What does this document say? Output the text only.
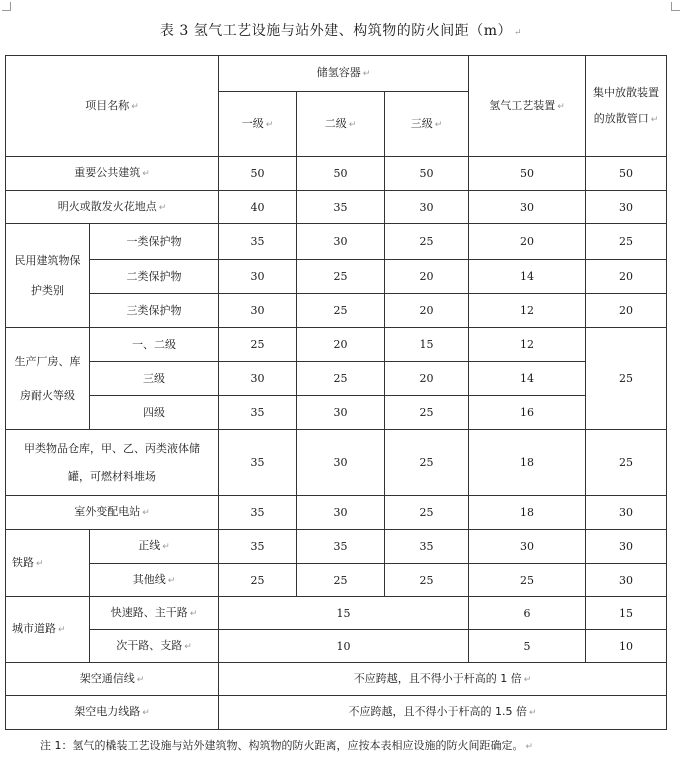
表 3 氢气工艺设施与站外建、构筑物的防火间距（m） ↵
项目名称 ↵		储氢容器 ↵			氢气工艺装置 ↵	集中放散装置的放散管口 ↵
		一级 ↵	二级 ↵	三级 ↵		
重要公共建筑 ↵		50	50	50	50	50
明火或散发火花地点 ↵		40	35	30	30	30
民用建筑物保护类别	一类保护物	35	30	25	20	25
	二类保护物	30	25	20	14	20
	三类保护物	30	25	20	12	20
生产厂房、库房耐火等级	一、二级	25	20	15	12	25
	三级	30	25	20	14	
	四级	35	30	25	16	
甲类物品仓库，甲、乙、丙类液体储罐，可燃材料堆场		35	30	25	18	25
室外变配电站 ↵		35	30	25	18	30
铁路 ↵	正线 ↵	35	35	35	30	30
	其他线 ↵	25	25	25	25	30
城市道路 ↵	快速路、主干路 ↵	15			6	15
	次干路、支路 ↵	10			5	10
架空通信线 ↵		不应跨越，且不得小于杆高的 1 倍 ↵				
架空电力线路 ↵		不应跨越，且不得小于杆高的 1.5 倍 ↵				
注 1：氢气的橇装工艺设施与站外建筑物、构筑物的防火距离，应按本表相应设施的防火间距确定。 ↵
